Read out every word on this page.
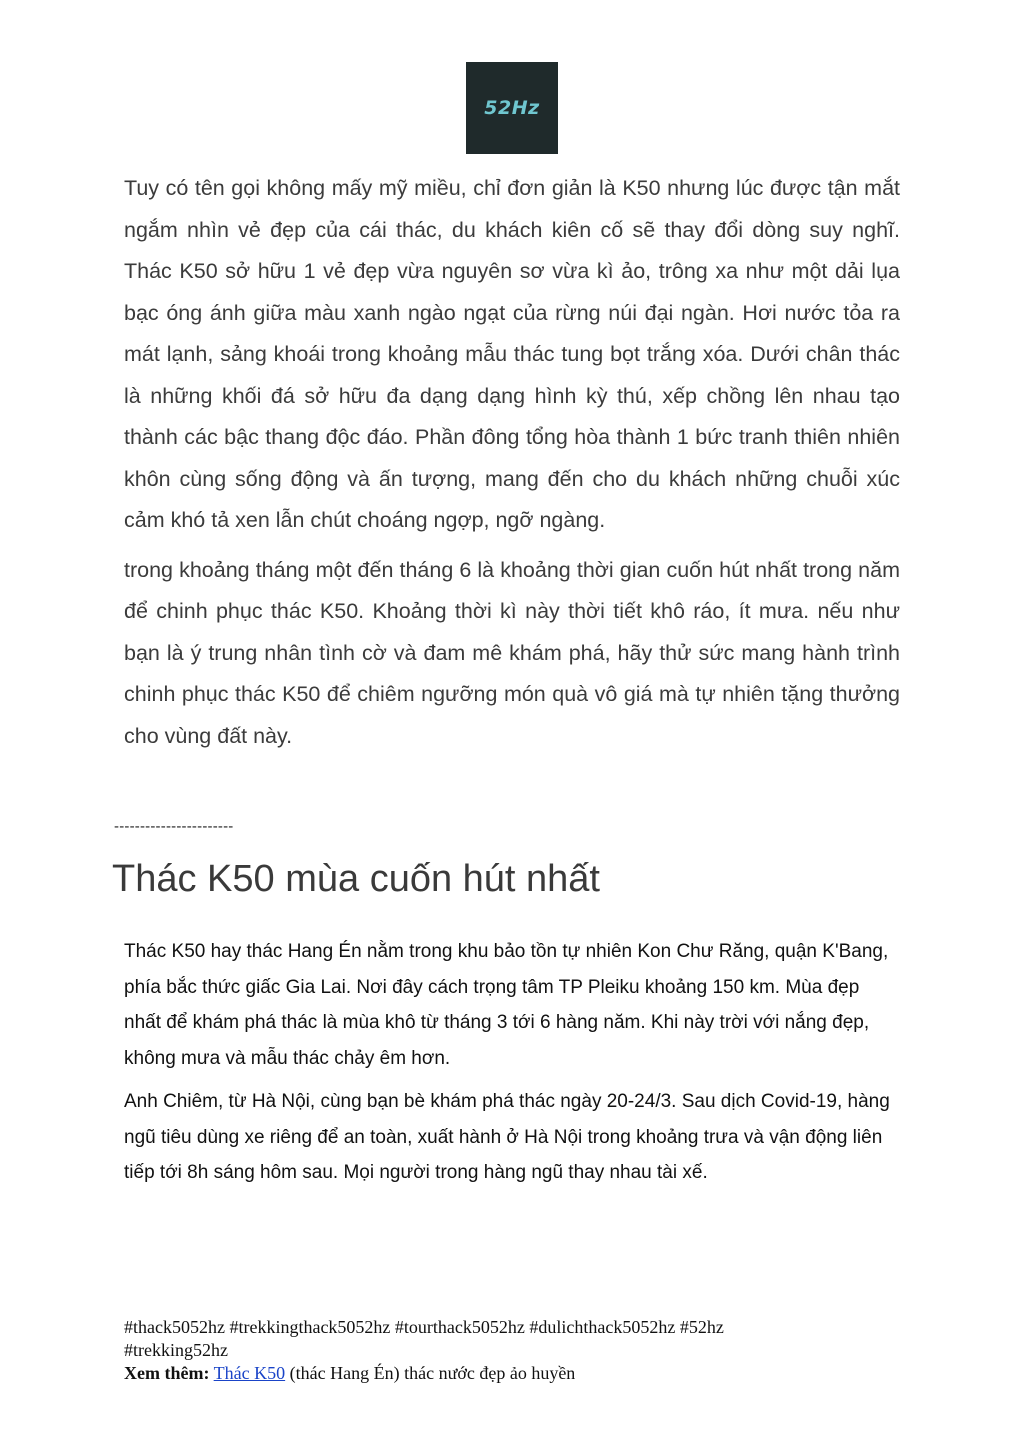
52Hz

Tuy có tên gọi không mấy mỹ miều, chỉ đơn giản là K50 nhưng lúc được tận mắt ngắm nhìn vẻ đẹp của cái thác, du khách kiên cố sẽ thay đổi dòng suy nghĩ. Thác K50 sở hữu 1 vẻ đẹp vừa nguyên sơ vừa kì ảo, trông xa như một dải lụa bạc óng ánh giữa màu xanh ngào ngạt của rừng núi đại ngàn. Hơi nước tỏa ra mát lạnh, sảng khoái trong khoảng mẫu thác tung bọt trắng xóa. Dưới chân thác là những khối đá sở hữu đa dạng dạng hình kỳ thú, xếp chồng lên nhau tạo thành các bậc thang độc đáo. Phần đông tổng hòa thành 1 bức tranh thiên nhiên khôn cùng sống động và ấn tượng, mang đến cho du khách những chuỗi xúc cảm khó tả xen lẫn chút choáng ngợp, ngỡ ngàng.

trong khoảng tháng một đến tháng 6 là khoảng thời gian cuốn hút nhất trong năm để chinh phục thác K50. Khoảng thời kì này thời tiết khô ráo, ít mưa. nếu như bạn là ý trung nhân tình cờ và đam mê khám phá, hãy thử sức mang hành trình chinh phục thác K50 để chiêm ngưỡng món quà vô giá mà tự nhiên tặng thưởng cho vùng đất này.

-----------------------
Thác K50 mùa cuốn hút nhất

Thác K50 hay thác Hang Én nằm trong khu bảo tồn tự nhiên Kon Chư Răng, quận K'Bang, phía bắc thức giấc Gia Lai. Nơi đây cách trọng tâm TP Pleiku khoảng 150 km. Mùa đẹp nhất để khám phá thác là mùa khô từ tháng 3 tới 6 hàng năm. Khi này trời với nắng đẹp, không mưa và mẫu thác chảy êm hơn.

Anh Chiêm, từ Hà Nội, cùng bạn bè khám phá thác ngày 20-24/3. Sau dịch Covid-19, hàng ngũ tiêu dùng xe riêng để an toàn, xuất hành ở Hà Nội trong khoảng trưa và vận động liên tiếp tới 8h sáng hôm sau. Mọi người trong hàng ngũ thay nhau tài xế.

#thack5052hz #trekkingthack5052hz #tourthack5052hz #dulichthack5052hz #52hz
#trekking52hz
Xem thêm: Thác K50 (thác Hang Én) thác nước đẹp ảo huyền
